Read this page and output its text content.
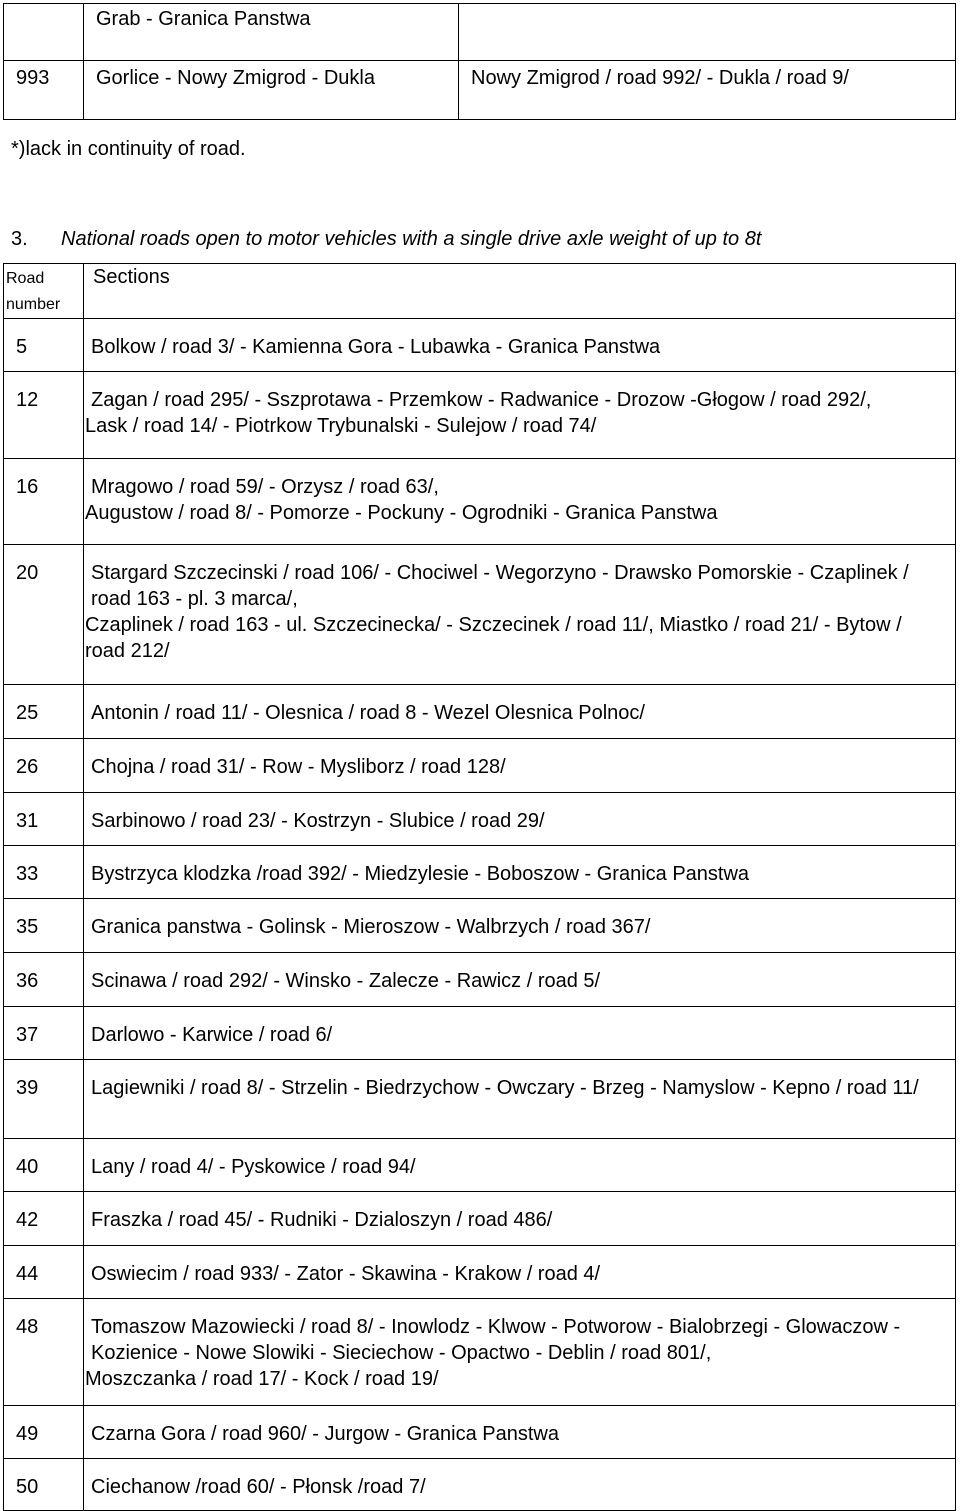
	Grab - Granica Panstwa	
993	Gorlice - Nowy Zmigrod - Dukla	Nowy Zmigrod / road 992/ - Dukla / road 9/
*)lack in continuity of road.
3. National roads open to motor vehicles with a single drive axle weight of up to 8t
Road
number	Sections
5	Bolkow / road 3/ - Kamienna Gora - Lubawka - Granica Panstwa

12	Zagan / road 295/ - Sszprotawa - Przemkow - Radwanice - Drozow -Głogow / road 292/,
Lask / road 14/ - Piotrkow Trybunalski - Sulejow / road 74/

16	Mragowo / road 59/ - Orzysz / road 63/,
Augustow / road 8/ - Pomorze - Pockuny - Ogrodniki - Granica Panstwa

20	Stargard Szczecinski / road 106/ - Chociwel - Wegorzyno - Drawsko Pomorskie - Czaplinek / road 163 - pl. 3 marca/,
Czaplinek / road 163 - ul. Szczecinecka/ - Szczecinek / road 11/, Miastko / road 21/ - Bytow / road 212/

25	Antonin / road 11/ - Olesnica / road 8 - Wezel Olesnica Polnoc/

26	Chojna / road 31/ - Row - Mysliborz / road 128/

31	Sarbinowo / road 23/ - Kostrzyn - Slubice / road 29/

33	Bystrzyca klodzka /road 392/ - Miedzylesie - Boboszow - Granica Panstwa

35	Granica panstwa - Golinsk - Mieroszow - Walbrzych / road 367/

36	Scinawa / road 292/ - Winsko - Zalecze - Rawicz / road 5/

37	Darlowo - Karwice / road 6/

39	Lagiewniki / road 8/ - Strzelin - Biedrzychow - Owczary - Brzeg - Namyslow - Kepno / road 11/

40	Lany / road 4/ - Pyskowice / road 94/

42	Fraszka / road 45/ - Rudniki - Dzialoszyn / road 486/

44	Oswiecim / road 933/ - Zator - Skawina - Krakow / road 4/

48	Tomaszow Mazowiecki / road 8/ - Inowlodz - Klwow - Potworow - Bialobrzegi - Glowaczow - Kozienice - Nowe Slowiki - Sieciechow - Opactwo - Deblin / road 801/,
Moszczanka / road 17/ - Kock / road 19/

49	Czarna Gora / road 960/ - Jurgow - Granica Panstwa

50	Ciechanow /road 60/ - Płonsk /road 7/
